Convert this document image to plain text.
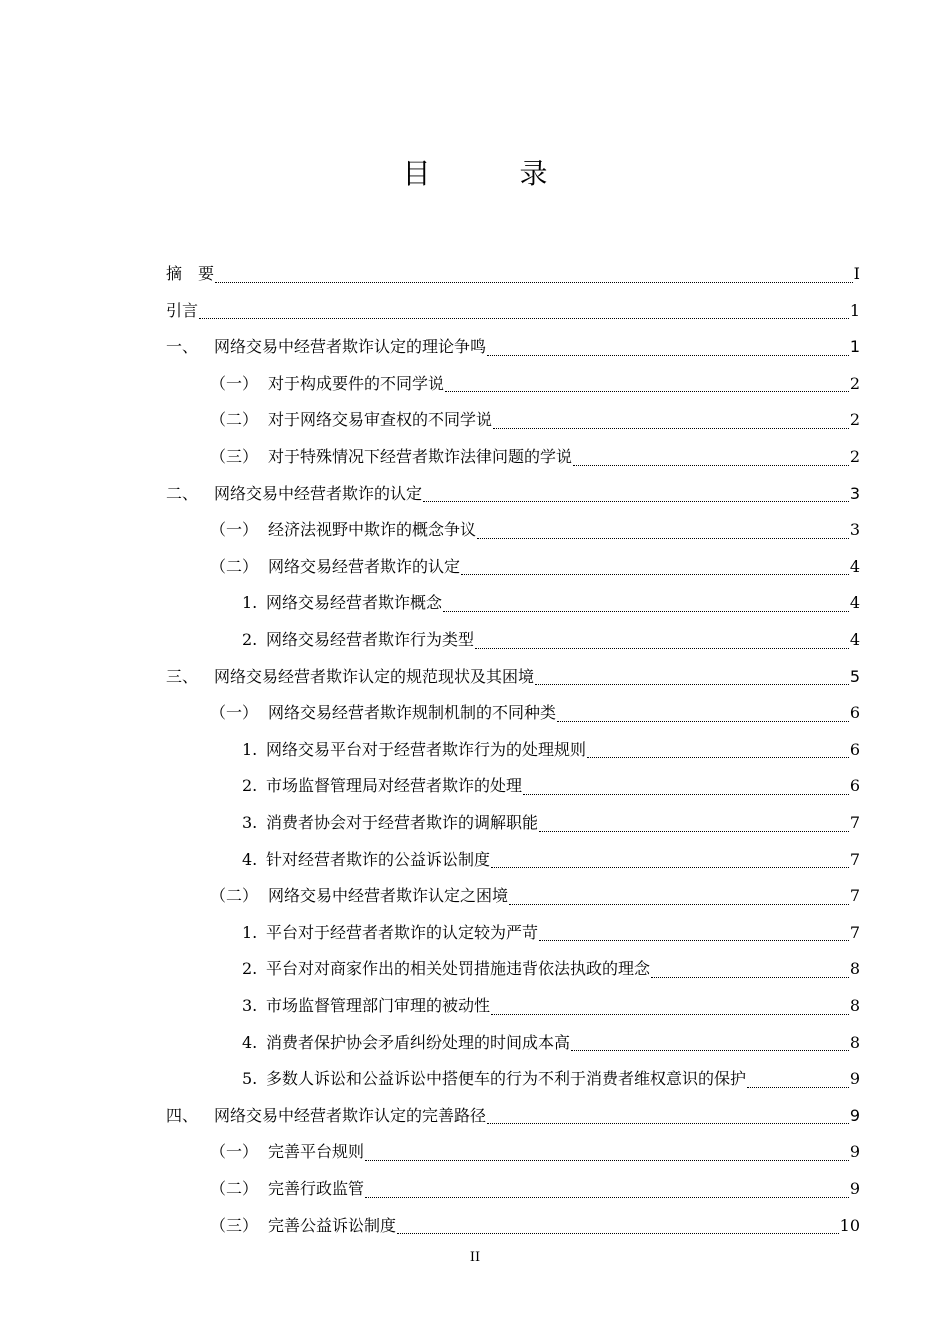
目 录
摘　要	I
引言	1
一、 网络交易中经营者欺诈认定的理论争鸣	1
（一） 对于构成要件的不同学说	2
（二） 对于网络交易审查权的不同学说	2
（三） 对于特殊情况下经营者欺诈法律问题的学说	2
二、 网络交易中经营者欺诈的认定	3
（一） 经济法视野中欺诈的概念争议	3
（二） 网络交易经营者欺诈的认定	4
1. 网络交易经营者欺诈概念	4
2. 网络交易经营者欺诈行为类型	4
三、 网络交易经营者欺诈认定的规范现状及其困境	5
（一） 网络交易经营者欺诈规制机制的不同种类	6
1. 网络交易平台对于经营者欺诈行为的处理规则	6
2. 市场监督管理局对经营者欺诈的处理	6
3. 消费者协会对于经营者欺诈的调解职能	7
4. 针对经营者欺诈的公益诉讼制度	7
（二） 网络交易中经营者欺诈认定之困境	7
1. 平台对于经营者者欺诈的认定较为严苛	7
2. 平台对对商家作出的相关处罚措施违背依法执政的理念	8
3. 市场监督管理部门审理的被动性	8
4. 消费者保护协会矛盾纠纷处理的时间成本高	8
5. 多数人诉讼和公益诉讼中搭便车的行为不利于消费者维权意识的保护	9
四、 网络交易中经营者欺诈认定的完善路径	9
（一） 完善平台规则	9
（二） 完善行政监管	9
（三） 完善公益诉讼制度	10
II
